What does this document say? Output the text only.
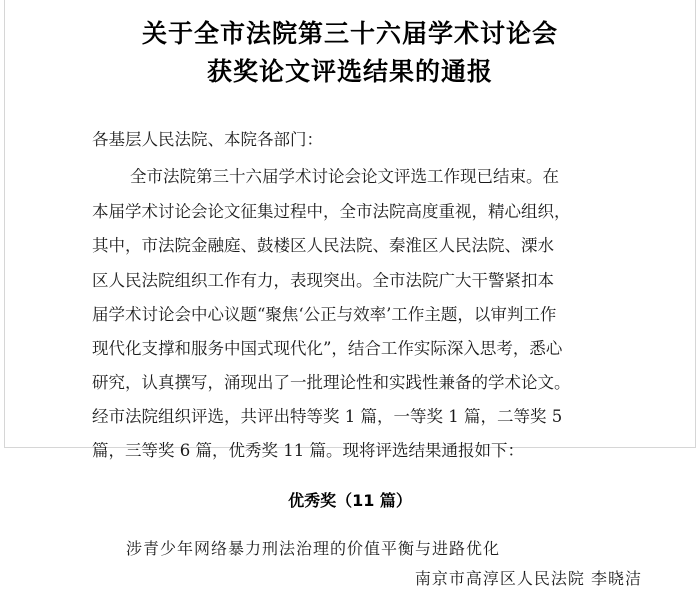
关于全市法院第三十六届学术讨论会
获奖论文评选结果的通报
各基层人民法院、本院各部门：
全市法院第三十六届学术讨论会论文评选工作现已结束。在
本届学术讨论会论文征集过程中，全市法院高度重视，精心组织，
其中，市法院金融庭、鼓楼区人民法院、秦淮区人民法院、溧水
区人民法院组织工作有力，表现突出。全市法院广大干警紧扣本
届学术讨论会中心议题“聚焦‘公正与效率’工作主题，以审判工作
现代化支撑和服务中国式现代化”，结合工作实际深入思考，悉心
研究，认真撰写，涌现出了一批理论性和实践性兼备的学术论文。
经市法院组织评选，共评出特等奖 1 篇，一等奖 1 篇，二等奖 5
篇，三等奖 6 篇，优秀奖 11 篇。现将评选结果通报如下：
优秀奖（11 篇）
涉青少年网络暴力刑法治理的价值平衡与进路优化
南京市高淳区人民法院 李晓洁
